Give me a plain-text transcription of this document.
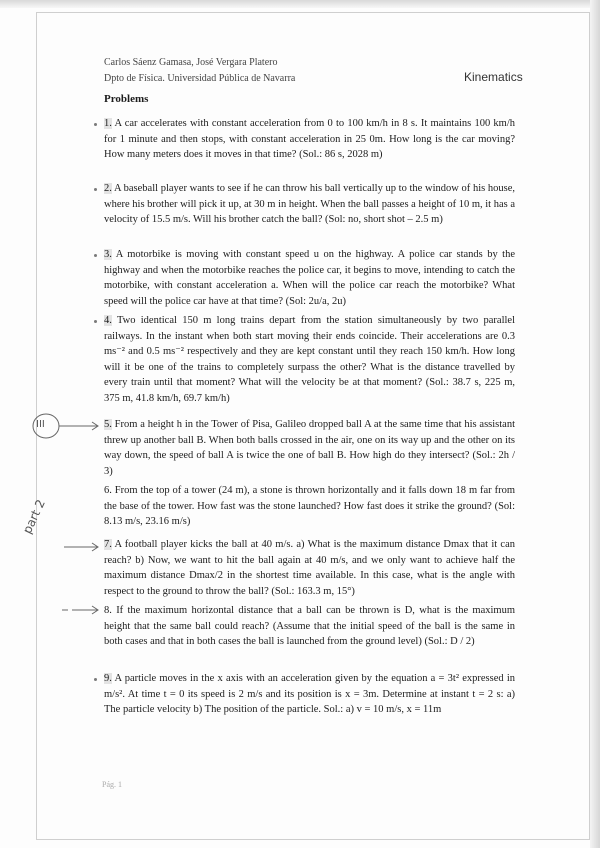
Carlos Sáenz Gamasa, José Vergara Platero
Dpto de Física. Universidad Pública de Navarra	Kinematics
Problems
1. A car accelerates with constant acceleration from 0 to 100 km/h in 8 s. It maintains 100 km/h for 1 minute and then stops, with constant acceleration in 25 0m. How long is the car moving? How many meters does it moves in that time? (Sol.: 86 s, 2028 m)
2. A baseball player wants to see if he can throw his ball vertically up to the window of his house, where his brother will pick it up, at 30 m in height. When the ball passes a height of 10 m, it has a velocity of 15.5 m/s. Will his brother catch the ball? (Sol: no, short shot – 2.5 m)
3. A motorbike is moving with constant speed u on the highway. A police car stands by the highway and when the motorbike reaches the police car, it begins to move, intending to catch the motorbike, with constant acceleration a. When will the police car reach the motorbike? What speed will the police car have at that time? (Sol: 2u/a, 2u)
4. Two identical 150 m long trains depart from the station simultaneously by two parallel railways. In the instant when both start moving their ends coincide. Their accelerations are 0.3 ms⁻² and 0.5 ms⁻² respectively and they are kept constant until they reach 150 km/h. How long will it be one of the trains to completely surpass the other? What is the distance travelled by every train until that moment? What will the velocity be at that moment? (Sol.: 38.7 s, 225 m, 375 m, 41.8 km/h, 69.7 km/h)
5. From a height h in the Tower of Pisa, Galileo dropped ball A at the same time that his assistant threw up another ball B. When both balls crossed in the air, one on its way up and the other on its way down, the speed of ball A is twice the one of ball B. How high do they intersect? (Sol.: 2h / 3)
6. From the top of a tower (24 m), a stone is thrown horizontally and it falls down 18 m far from the base of the tower. How fast was the stone launched? How fast does it strike the ground? (Sol: 8.13 m/s, 23.16 m/s)
7. A football player kicks the ball at 40 m/s. a) What is the maximum distance Dmax that it can reach? b) Now, we want to hit the ball again at 40 m/s, and we only want to achieve half the maximum distance Dmax/2 in the shortest time available. In this case, what is the angle with respect to the ground to throw the ball? (Sol.: 163.3 m, 15°)
8. If the maximum horizontal distance that a ball can be thrown is D, what is the maximum height that the same ball could reach? (Assume that the initial speed of the ball is the same in both cases and that in both cases the ball is launched from the ground level) (Sol.: D / 2)
9. A particle moves in the x axis with an acceleration given by the equation a = 3t² expressed in m/s². At time t = 0 its speed is 2 m/s and its position is x = 3m. Determine at instant t = 2 s: a) The particle velocity b) The position of the particle. Sol.: a) v = 10 m/s, x = 11m
III
part 2
Pág. 1
